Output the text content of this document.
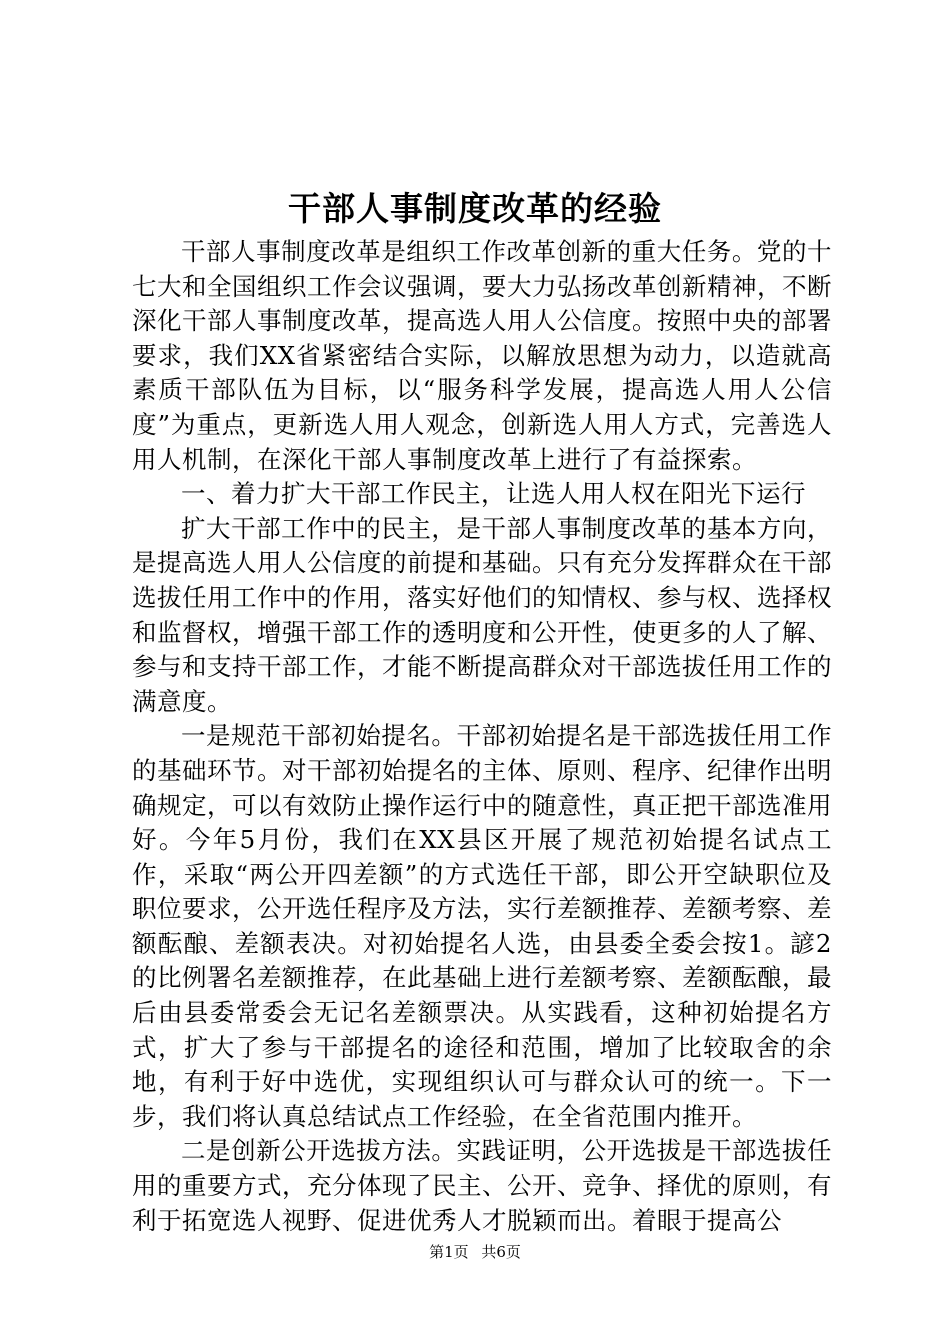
干部人事制度改革的经验

干部人事制度改革是组织工作改革创新的重大任务。党的十七大和全国组织工作会议强调，要大力弘扬改革创新精神，不断深化干部人事制度改革，提高选人用人公信度。按照中央的部署要求，我们XX省紧密结合实际，以解放思想为动力，以造就高素质干部队伍为目标，以“服务科学发展，提高选人用人公信度”为重点，更新选人用人观念，创新选人用人方式，完善选人用人机制，在深化干部人事制度改革上进行了有益探索。

一、着力扩大干部工作民主，让选人用人权在阳光下运行

扩大干部工作中的民主，是干部人事制度改革的基本方向，是提高选人用人公信度的前提和基础。只有充分发挥群众在干部选拔任用工作中的作用，落实好他们的知情权、参与权、选择权和监督权，增强干部工作的透明度和公开性，使更多的人了解、参与和支持干部工作，才能不断提高群众对干部选拔任用工作的满意度。

一是规范干部初始提名。干部初始提名是干部选拔任用工作的基础环节。对干部初始提名的主体、原则、程序、纪律作出明确规定，可以有效防止操作运行中的随意性，真正把干部选准用好。今年5月份，我们在XX县区开展了规范初始提名试点工作，采取“两公开四差额”的方式选任干部，即公开空缺职位及职位要求，公开选任程序及方法，实行差额推荐、差额考察、差额酝酿、差额表决。对初始提名人选，由县委全委会按1。諺2的比例署名差额推荐，在此基础上进行差额考察、差额酝酿，最后由县委常委会无记名差额票决。从实践看，这种初始提名方式，扩大了参与干部提名的途径和范围，增加了比较取舍的余地，有利于好中选优，实现组织认可与群众认可的统一。下一步，我们将认真总结试点工作经验，在全省范围内推开。

二是创新公开选拔方法。实践证明，公开选拔是干部选拔任用的重要方式，充分体现了民主、公开、竞争、择优的原则，有利于拓宽选人视野、促进优秀人才脱颖而出。着眼于提高公

第1页 共6页
